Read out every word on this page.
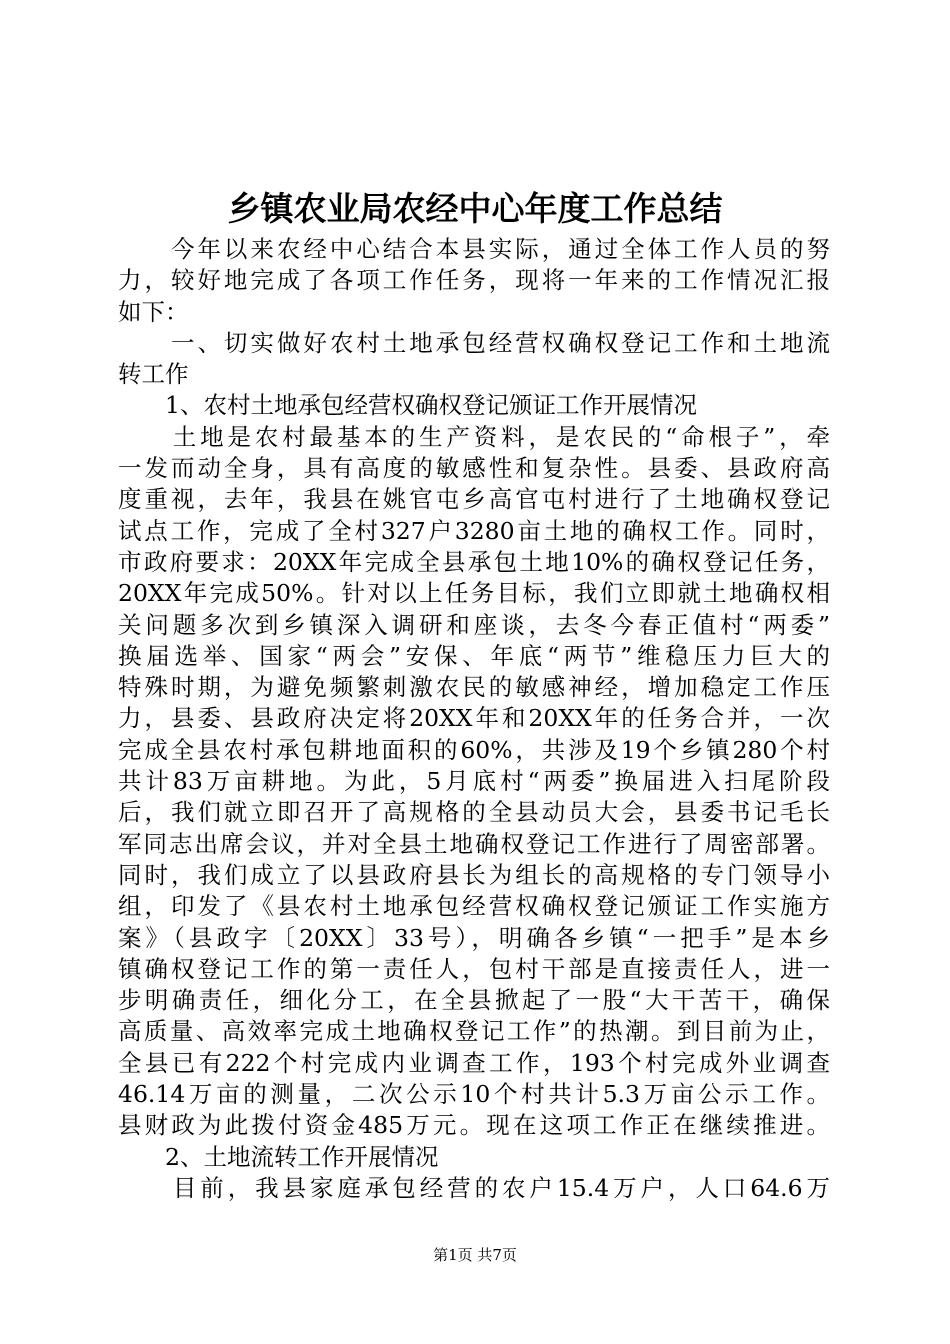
乡镇农业局农经中心年度工作总结
　　今年以来农经中心结合本县实际，通过全体工作人员的努
力，较好地完成了各项工作任务，现将一年来的工作情况汇报
如下：
　　一、切实做好农村土地承包经营权确权登记工作和土地流
转工作
　　1、农村土地承包经营权确权登记颁证工作开展情况
　　土地是农村最基本的生产资料，是农民的“命根子”，牵
一发而动全身，具有高度的敏感性和复杂性。县委、县政府高
度重视，去年，我县在姚官屯乡高官屯村进行了土地确权登记
试点工作，完成了全村327户3280亩土地的确权工作。同时，
市政府要求：20XX年完成全县承包土地10%的确权登记任务，
20XX年完成50%。针对以上任务目标，我们立即就土地确权相
关问题多次到乡镇深入调研和座谈，去冬今春正值村“两委”
换届选举、国家“两会”安保、年底“两节”维稳压力巨大的
特殊时期，为避免频繁刺激农民的敏感神经，增加稳定工作压
力，县委、县政府决定将20XX年和20XX年的任务合并，一次
完成全县农村承包耕地面积的60%，共涉及19个乡镇280个村
共计83万亩耕地。为此，5月底村“两委”换届进入扫尾阶段
后，我们就立即召开了高规格的全县动员大会，县委书记毛长
军同志出席会议，并对全县土地确权登记工作进行了周密部署。
同时，我们成立了以县政府县长为组长的高规格的专门领导小
组，印发了《县农村土地承包经营权确权登记颁证工作实施方
案》（县政字〔20XX〕33号），明确各乡镇“一把手”是本乡
镇确权登记工作的第一责任人，包村干部是直接责任人，进一
步明确责任，细化分工，在全县掀起了一股“大干苦干，确保
高质量、高效率完成土地确权登记工作”的热潮。到目前为止，
全县已有222个村完成内业调查工作，193个村完成外业调查
46.14万亩的测量，二次公示10个村共计5.3万亩公示工作。
县财政为此拨付资金485万元。现在这项工作正在继续推进。
　　2、土地流转工作开展情况
　　目前，我县家庭承包经营的农户15.4万户，人口64.6万
第1页 共7页
